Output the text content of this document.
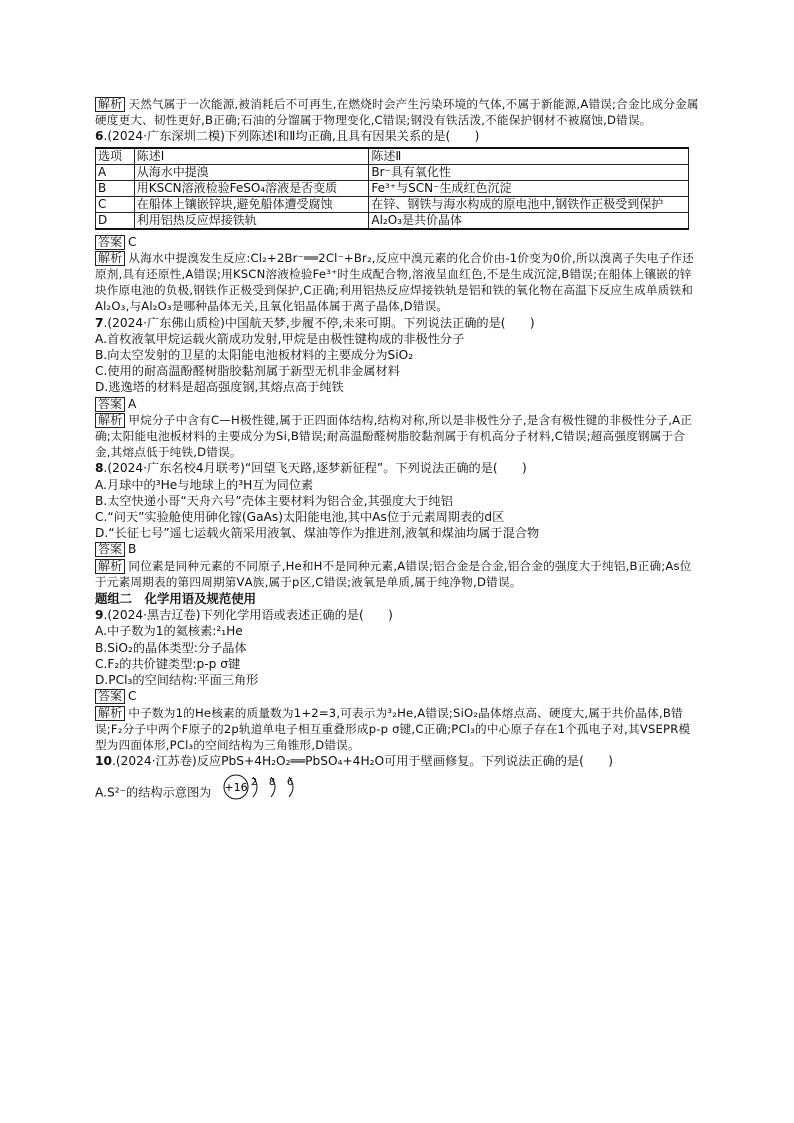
解析 天然气属于一次能源,被消耗后不可再生,在燃烧时会产生污染环境的气体,不属于新能源,A错误;合金比成分金属硬度更大、韧性更好,B正确;石油的分馏属于物理变化,C错误;钢没有铁活泼,不能保护钢材不被腐蚀,D错误。

6.(2024·广东深圳二模)下列陈述Ⅰ和Ⅱ均正确,且具有因果关系的是(　　)

选项	陈述Ⅰ	陈述Ⅱ
A	从海水中提溴	Br⁻具有氧化性
B	用KSCN溶液检验FeSO₄溶液是否变质	Fe³⁺与SCN⁻生成红色沉淀
C	在船体上镶嵌锌块,避免船体遭受腐蚀	在锌、钢铁与海水构成的原电池中,钢铁作正极受到保护
D	利用铝热反应焊接铁轨	Al₂O₃是共价晶体

答案 C

解析 从海水中提溴发生反应:Cl₂+2Br⁻══2Cl⁻+Br₂,反应中溴元素的化合价由-1价变为0价,所以溴离子失电子作还原剂,具有还原性,A错误;用KSCN溶液检验Fe³⁺时生成配合物,溶液呈血红色,不是生成沉淀,B错误;在船体上镶嵌的锌块作原电池的负极,钢铁作正极受到保护,C正确;利用铝热反应焊接铁轨是铝和铁的氧化物在高温下反应生成单质铁和Al₂O₃,与Al₂O₃是哪种晶体无关,且氧化铝晶体属于离子晶体,D错误。

7.(2024·广东佛山质检)中国航天梦,步履不停,未来可期。下列说法正确的是(　　)

A.首枚液氧甲烷运载火箭成功发射,甲烷是由极性键构成的非极性分子

B.向太空发射的卫星的太阳能电池板材料的主要成分为SiO₂

C.使用的耐高温酚醛树脂胶黏剂属于新型无机非金属材料

D.逃逸塔的材料是超高强度钢,其熔点高于纯铁

答案 A

解析 甲烷分子中含有C—H极性键,属于正四面体结构,结构对称,所以是非极性分子,是含有极性键的非极性分子,A正确;太阳能电池板材料的主要成分为Si,B错误;耐高温酚醛树脂胶黏剂属于有机高分子材料,C错误;超高强度钢属于合金,其熔点低于纯铁,D错误。

8.(2024·广东名校4月联考)“回望飞天路,逐梦新征程”。下列说法正确的是(　　)

A.月球中的³He与地球上的³H互为同位素

B.太空快递小哥“天舟六号”壳体主要材料为铝合金,其强度大于纯铝

C.“问天”实验舱使用砷化镓(GaAs)太阳能电池,其中As位于元素周期表的d区

D.“长征七号”遥七运载火箭采用液氧、煤油等作为推进剂,液氧和煤油均属于混合物

答案 B

解析 同位素是同种元素的不同原子,He和H不是同种元素,A错误;铝合金是合金,铝合金的强度大于纯铝,B正确;As位于元素周期表的第四周期第ⅤA族,属于p区,C错误;液氧是单质,属于纯净物,D错误。

题组二　化学用语及规范使用

9.(2024·黑吉辽卷)下列化学用语或表述正确的是(　　)

A.中子数为1的氦核素:²₁He

B.SiO₂的晶体类型:分子晶体

C.F₂的共价键类型:p-p σ键

D.PCl₃的空间结构:平面三角形

答案 C

解析 中子数为1的He核素的质量数为1+2=3,可表示为³₂He,A错误;SiO₂晶体熔点高、硬度大,属于共价晶体,B错误;F₂分子中两个F原子的2p轨道单电子相互重叠形成p-p σ键,C正确;PCl₃的中心原子存在1个孤电子对,其VSEPR模型为四面体形,PCl₃的空间结构为三角锥形,D错误。

10.(2024·江苏卷)反应PbS+4H₂O₂══PbSO₄+4H₂O可用于壁画修复。下列说法正确的是(　　)

A.S²⁻的结构示意图为 +16 2 8 6
